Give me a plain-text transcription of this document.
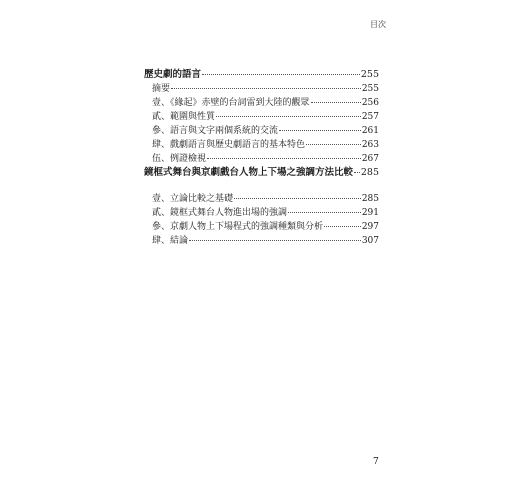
目次
歷史劇的語言	255
摘要	255
壹、《緣起》赤壁的台詞雷到大陸的觀眾	256
貳、範圍與性質	257
參、語言與文字兩個系統的交流	261
肆、戲劇語言與歷史劇語言的基本特色	263
伍、例證檢視	267
鏡框式舞台與京劇戲台人物上下場之強調方法比較 285
壹、立論比較之基礎	285
貳、鏡框式舞台人物進出場的強調	291
參、京劇人物上下場程式的強調種類與分析	297
肆、結論	307
7
